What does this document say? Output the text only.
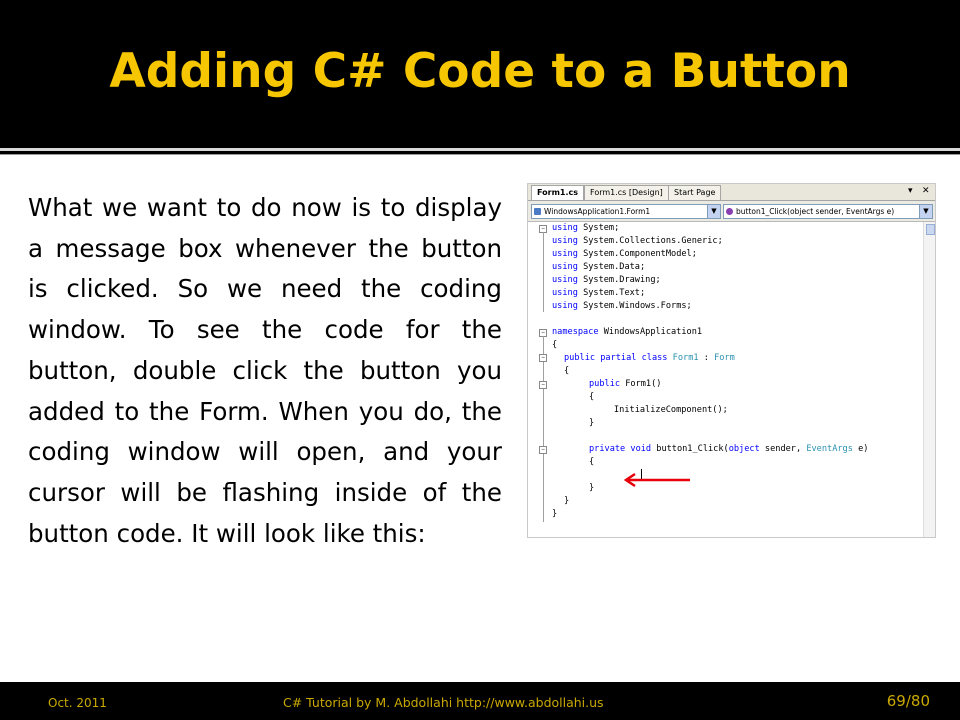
Adding C# Code to a Button
What we want to do now is to display a message box whenever the button is clicked. So we need the coding window. To see the code for the button, double click the button you added to the Form. When you do, the coding window will open, and your cursor will be flashing inside of the button code. It will look like this:
Form1.cs	Form1.cs [Design]	Start Page	▾ ✕
WindowsApplication1.Form1	▼	button1_Click(object sender, EventArgs e)	▼
−
−
−
−
−
using System;
using System.Collections.Generic;
using System.ComponentModel;
using System.Data;
using System.Drawing;
using System.Text;
using System.Windows.Forms;
namespace WindowsApplication1
{
public partial class Form1 : Form
{
public Form1()
{
InitializeComponent();
}
private void button1_Click(object sender, EventArgs e)
{
}
}
}
Oct. 2011	C# Tutorial by M. Abdollahi http://www.abdollahi.us	69/80
